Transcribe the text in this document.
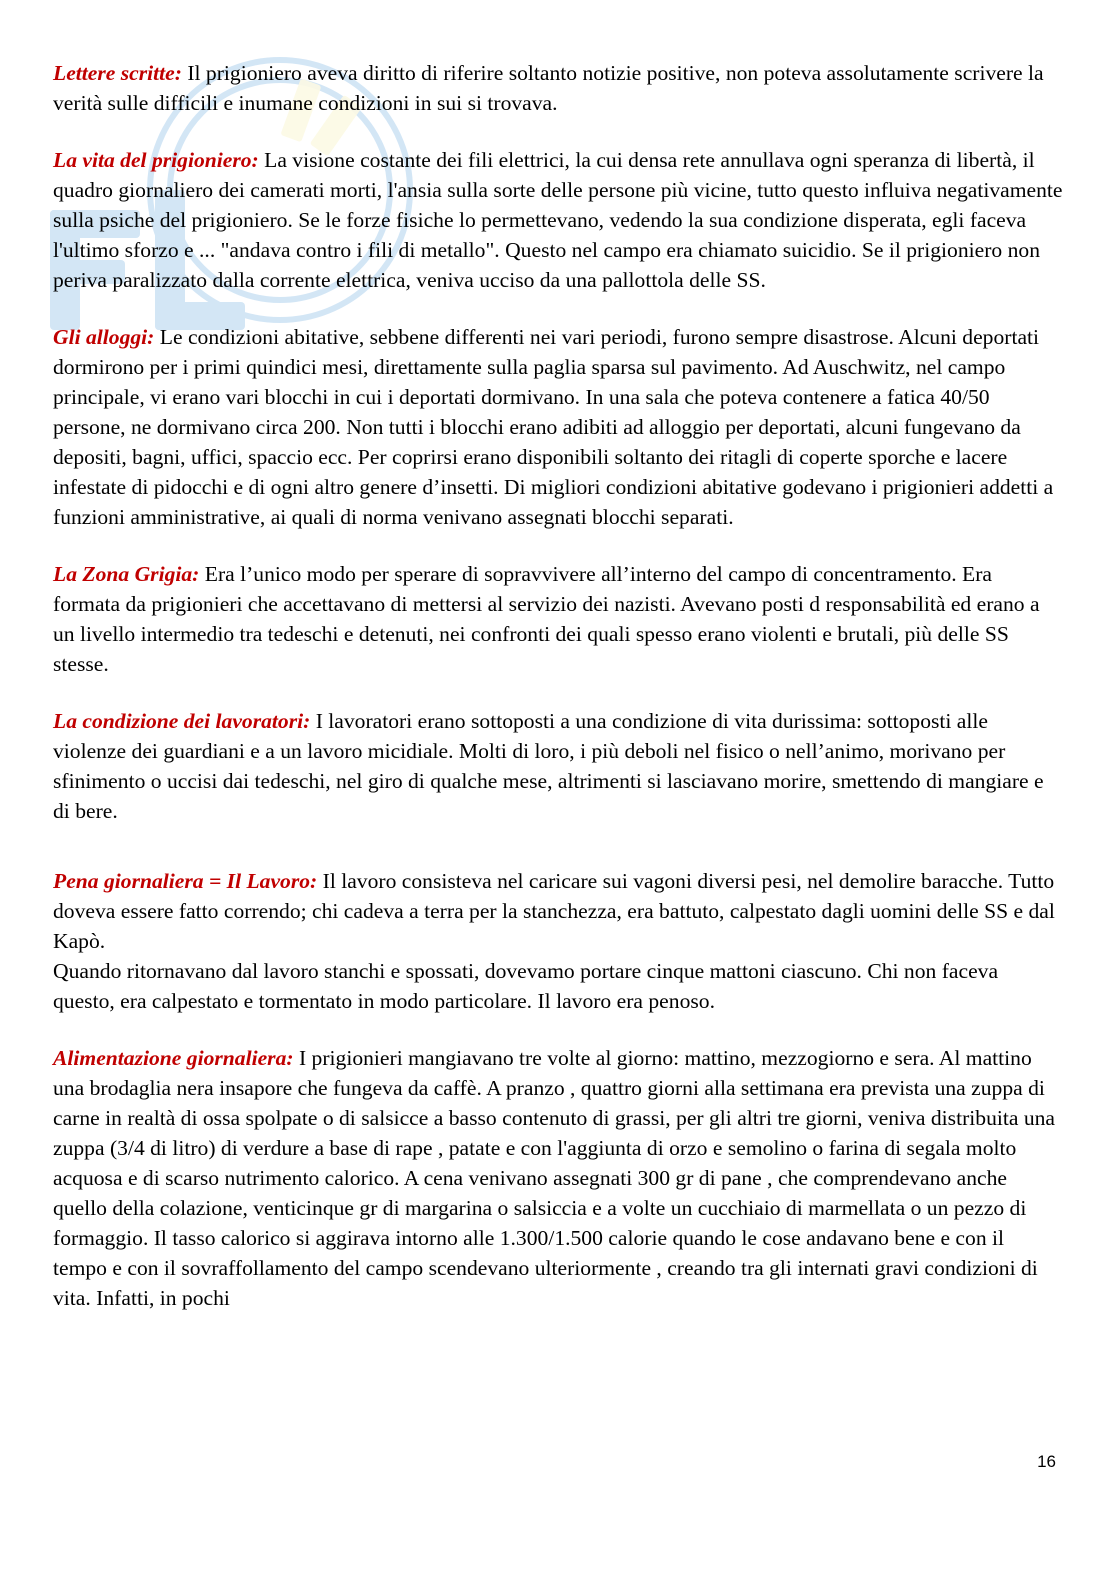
Lettere scritte: Il prigioniero aveva diritto di riferire soltanto notizie positive, non poteva assolutamente scrivere la verità sulle difficili e inumane condizioni in sui si trovava.

La vita del prigioniero: La visione costante dei fili elettrici, la cui densa rete annullava ogni speranza di libertà, il quadro giornaliero dei camerati morti, l'ansia sulla sorte delle persone più vicine, tutto questo influiva negativamente sulla psiche del prigioniero. Se le forze fisiche lo permettevano, vedendo la sua condizione disperata, egli faceva l'ultimo sforzo e ... "andava contro i fili di metallo". Questo nel campo era chiamato suicidio. Se il prigioniero non periva paralizzato dalla corrente elettrica, veniva ucciso da una pallottola delle SS.

Gli alloggi: Le condizioni abitative, sebbene differenti nei vari periodi, furono sempre disastrose. Alcuni deportati dormirono per i primi quindici mesi, direttamente sulla paglia sparsa sul pavimento. Ad Auschwitz, nel campo principale, vi erano vari blocchi in cui i deportati dormivano. In una sala che poteva contenere a fatica 40/50 persone, ne dormivano circa 200. Non tutti i blocchi erano adibiti ad alloggio per deportati, alcuni fungevano da depositi, bagni, uffici, spaccio ecc. Per coprirsi erano disponibili soltanto dei ritagli di coperte sporche e lacere infestate di pidocchi e di ogni altro genere d’insetti. Di migliori condizioni abitative godevano i prigionieri addetti a funzioni amministrative, ai quali di norma venivano assegnati blocchi separati.

La Zona Grigia: Era l’unico modo per sperare di sopravvivere all’interno del campo di concentramento. Era formata da prigionieri che accettavano di mettersi al servizio dei nazisti. Avevano posti d responsabilità ed erano a un livello intermedio tra tedeschi e detenuti, nei confronti dei quali spesso erano violenti e brutali, più delle SS stesse.

La condizione dei lavoratori: I lavoratori erano sottoposti a una condizione di vita durissima: sottoposti alle violenze dei guardiani e a un lavoro micidiale. Molti di loro, i più deboli nel fisico o nell’animo, morivano per sfinimento o uccisi dai tedeschi, nel giro di qualche mese, altrimenti si lasciavano morire, smettendo di mangiare e di bere.

Pena giornaliera = Il Lavoro: Il lavoro consisteva nel caricare sui vagoni diversi pesi, nel demolire baracche. Tutto doveva essere fatto correndo; chi cadeva a terra per la stanchezza, era battuto, calpestato dagli uomini delle SS e dal Kapò.
Quando ritornavano dal lavoro stanchi e spossati, dovevamo portare cinque mattoni ciascuno. Chi non faceva questo, era calpestato e tormentato in modo particolare. Il lavoro era penoso.

Alimentazione giornaliera: I prigionieri mangiavano tre volte al giorno: mattino, mezzogiorno e sera. Al mattino una brodaglia nera insapore che fungeva da caffè. A pranzo , quattro giorni alla settimana era prevista una zuppa di carne in realtà di ossa spolpate o di salsicce a basso contenuto di grassi, per gli altri tre giorni, veniva distribuita una zuppa (3/4 di litro) di verdure a base di rape , patate e con l'aggiunta di orzo e semolino o farina di segala molto acquosa e di scarso nutrimento calorico. A cena venivano assegnati 300 gr di pane , che comprendevano anche quello della colazione, venticinque gr di margarina o salsiccia e a volte un cucchiaio di marmellata o un pezzo di formaggio. Il tasso calorico si aggirava intorno alle 1.300/1.500 calorie quando le cose andavano bene e con il tempo e con il sovraffollamento del campo scendevano ulteriormente , creando tra gli internati gravi condizioni di vita. Infatti, in pochi

16
